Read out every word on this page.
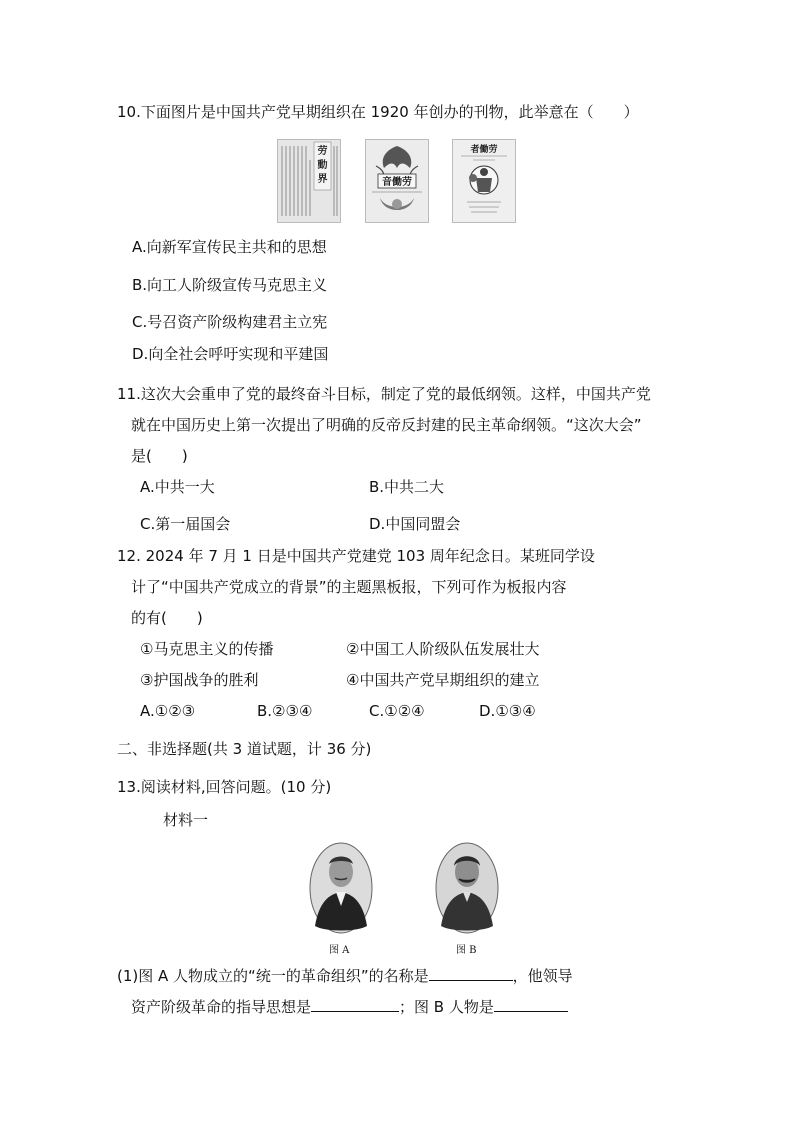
10.下面图片是中国共产党早期组织在 1920 年创办的刊物，此举意在（　　）
劳
動
界	音働劳
者働劳
A.向新军宣传民主共和的思想
B.向工人阶级宣传马克思主义
C.号召资产阶级构建君主立宪
D.向全社会呼吁实现和平建国
11.这次大会重申了党的最终奋斗目标，制定了党的最低纲领。这样，中国共产党
就在中国历史上第一次提出了明确的反帝反封建的民主革命纲领。“这次大会”
是(　　)
A.中共一大	B.中共二大
C.第一届国会	D.中国同盟会
12. 2024 年 7 月 1 日是中国共产党建党 103 周年纪念日。某班同学设
计了“中国共产党成立的背景”的主题黑板报，下列可作为板报内容
的有(　　)
①马克思主义的传播	②中国工人阶级队伍发展壮大
③护国战争的胜利	④中国共产党早期组织的建立
A.①②③	B.②③④	C.①②④	D.①③④
二、非选择题(共 3 道试题，计 36 分)
13.阅读材料,回答问题。(10 分)
材料一
图 A	图 B
(1)图 A 人物成立的“统一的革命组织”的名称是	，他领导
资产阶级革命的指导思想是	；图 B 人物是
